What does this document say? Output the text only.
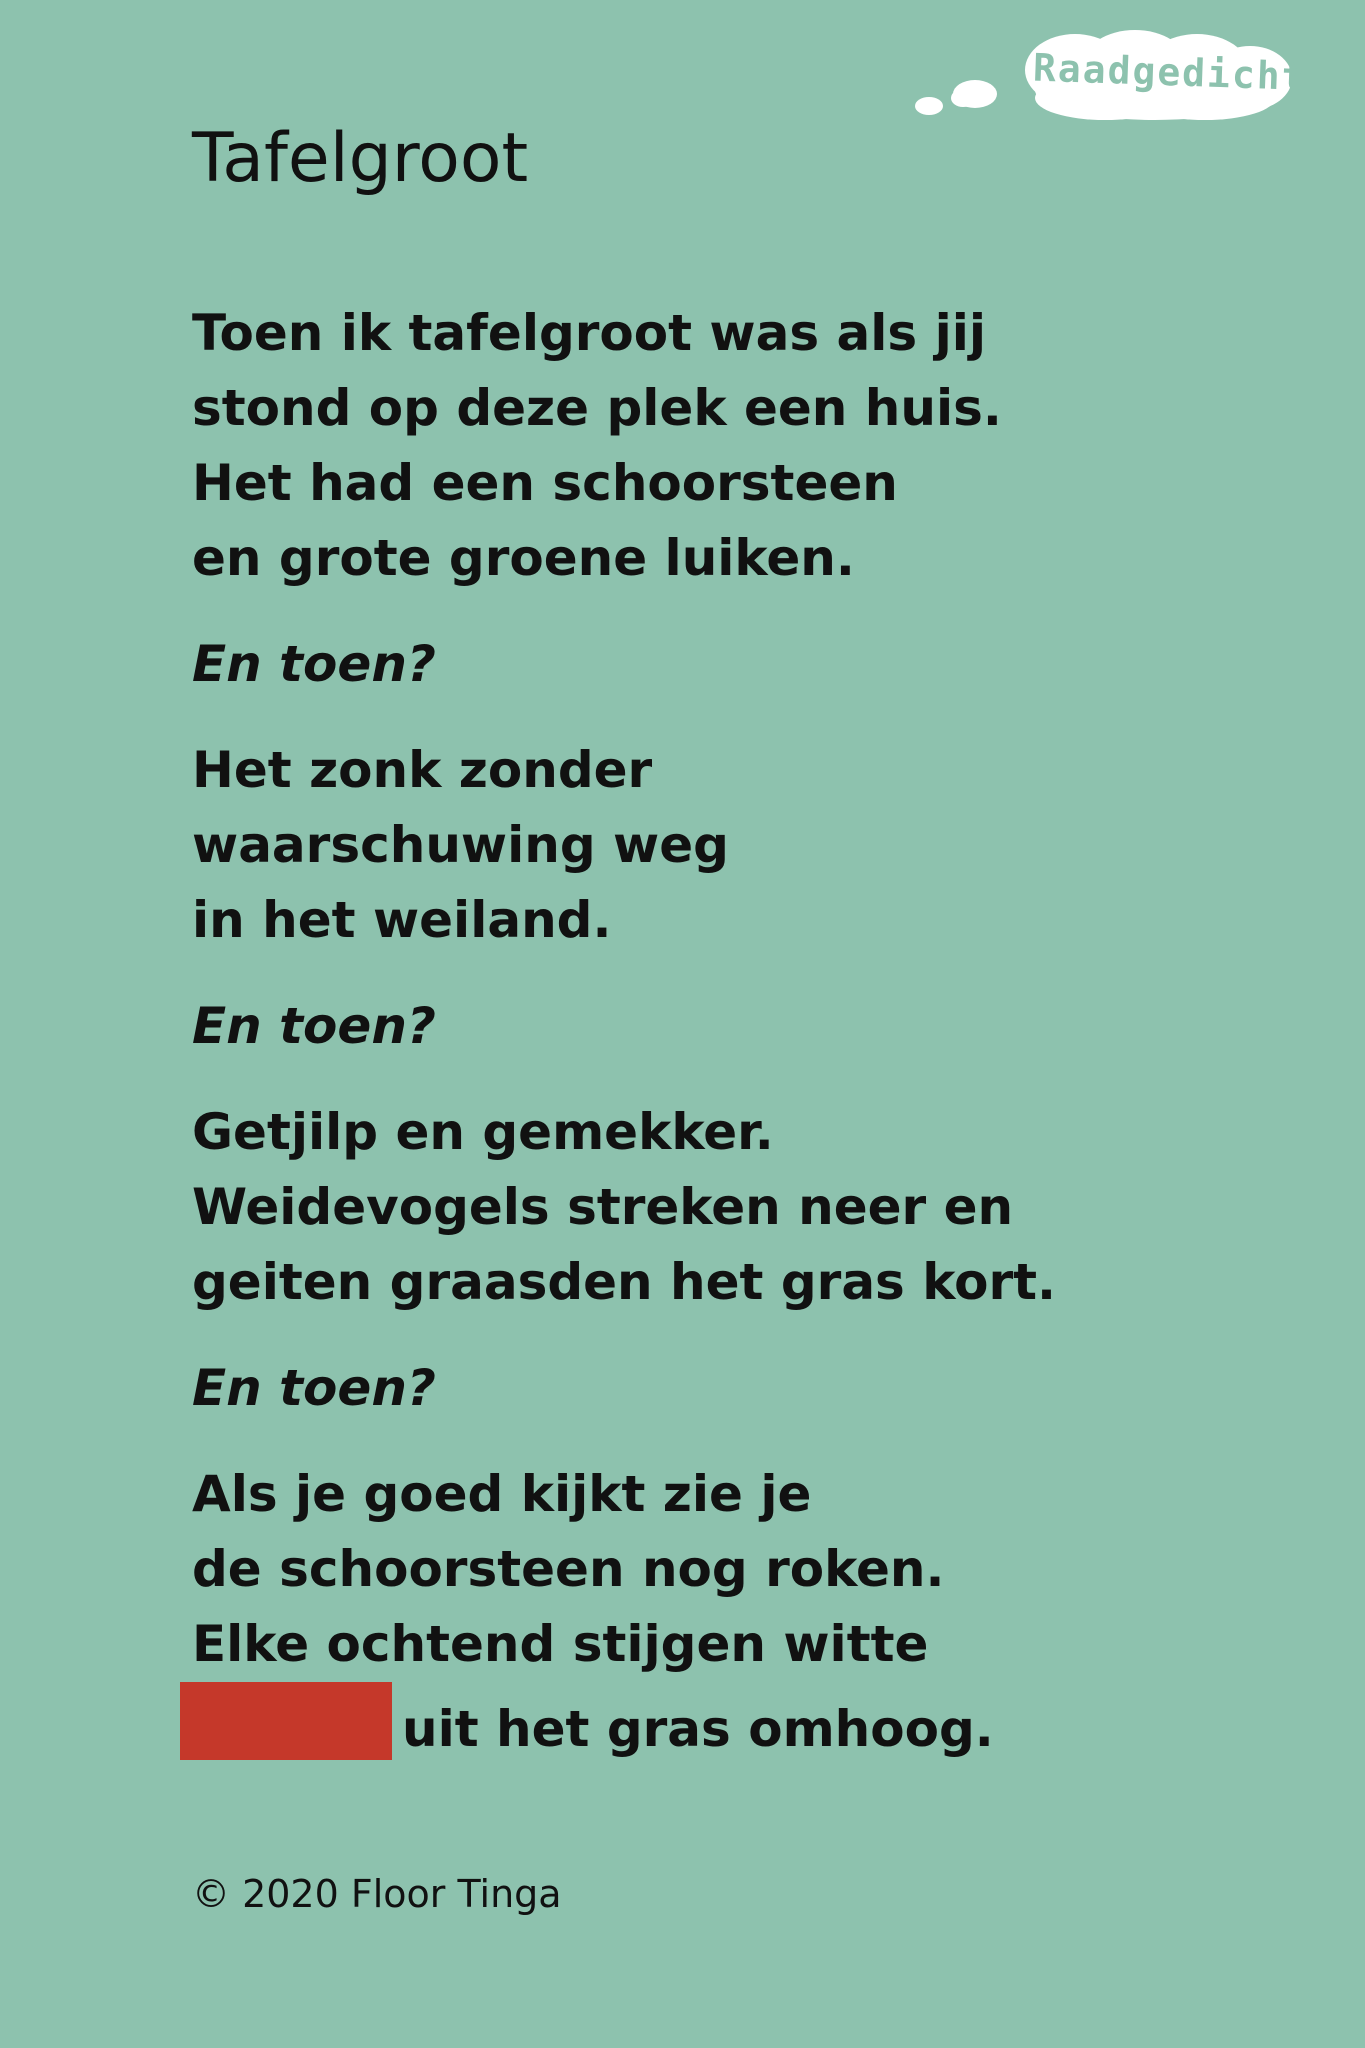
Raadgedicht
Tafelgroot

Toen ik tafelgroot was als jij
stond op deze plek een huis.
Het had een schoorsteen
en grote groene luiken.

En toen?

Het zonk zonder
waarschuwing weg
in het weiland.

En toen?

Getjilp en gemekker.
Weidevogels streken neer en
geiten graasden het gras kort.

En toen?

Als je goed kijkt zie je
de schoorsteen nog roken.
Elke ochtend stijgen witte
uit het gras omhoog.

© 2020 Floor Tinga
